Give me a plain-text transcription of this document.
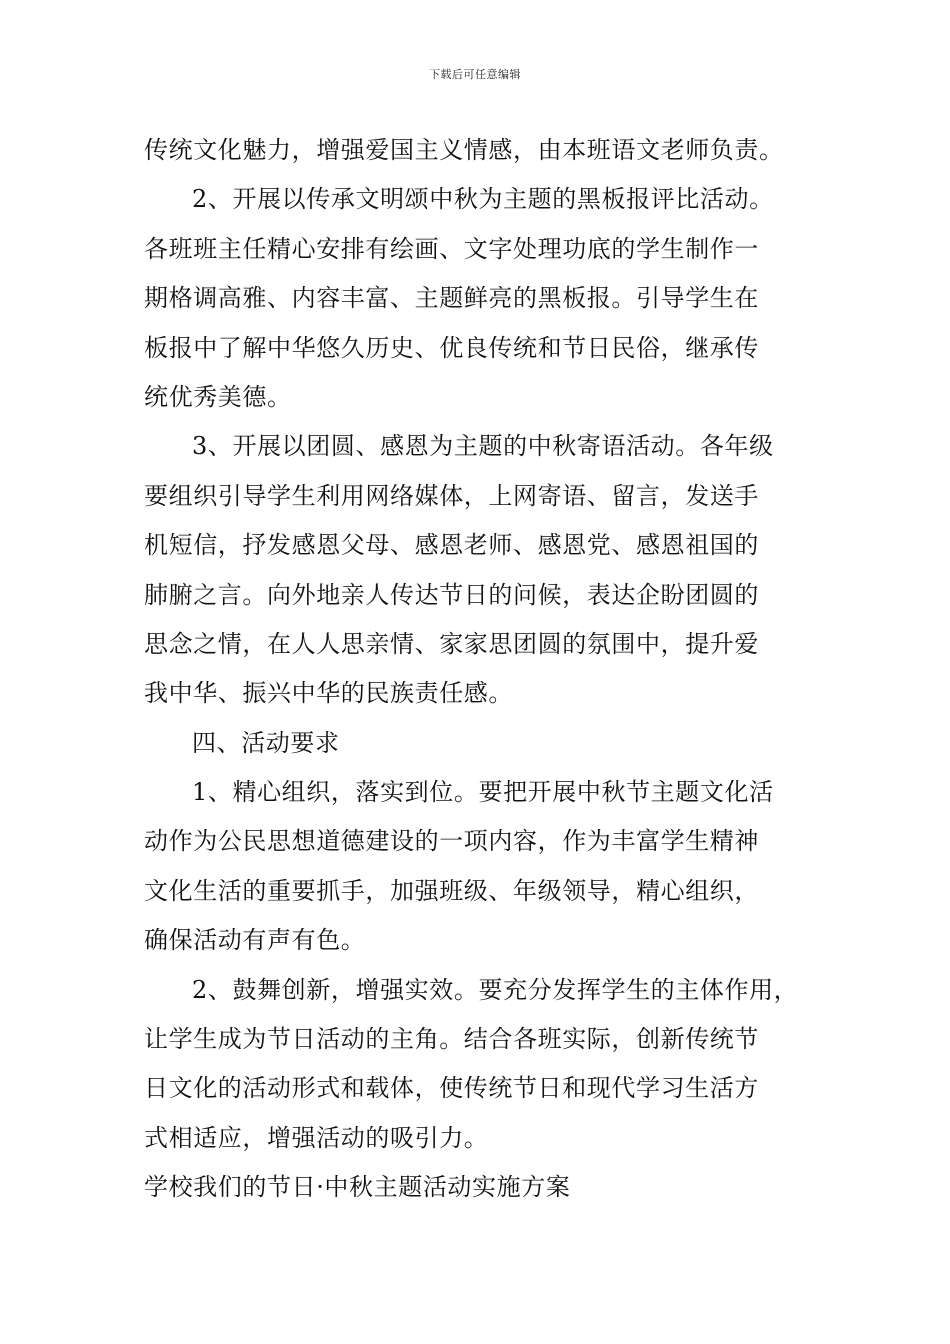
下载后可任意编辑
传统文化魅力，增强爱国主义情感，由本班语文老师负责。
2、开展以传承文明颂中秋为主题的黑板报评比活动。
各班班主任精心安排有绘画、文字处理功底的学生制作一
期格调高雅、内容丰富、主题鲜亮的黑板报。引导学生在
板报中了解中华悠久历史、优良传统和节日民俗，继承传
统优秀美德。
3、开展以团圆、感恩为主题的中秋寄语活动。各年级
要组织引导学生利用网络媒体，上网寄语、留言，发送手
机短信，抒发感恩父母、感恩老师、感恩党、感恩祖国的
肺腑之言。向外地亲人传达节日的问候，表达企盼团圆的
思念之情，在人人思亲情、家家思团圆的氛围中，提升爱
我中华、振兴中华的民族责任感。
四、活动要求
1、精心组织，落实到位。要把开展中秋节主题文化活
动作为公民思想道德建设的一项内容，作为丰富学生精神
文化生活的重要抓手，加强班级、年级领导，精心组织，
确保活动有声有色。
2、鼓舞创新，增强实效。要充分发挥学生的主体作用，
让学生成为节日活动的主角。结合各班实际，创新传统节
日文化的活动形式和载体，使传统节日和现代学习生活方
式相适应，增强活动的吸引力。
学校我们的节日·中秋主题活动实施方案
